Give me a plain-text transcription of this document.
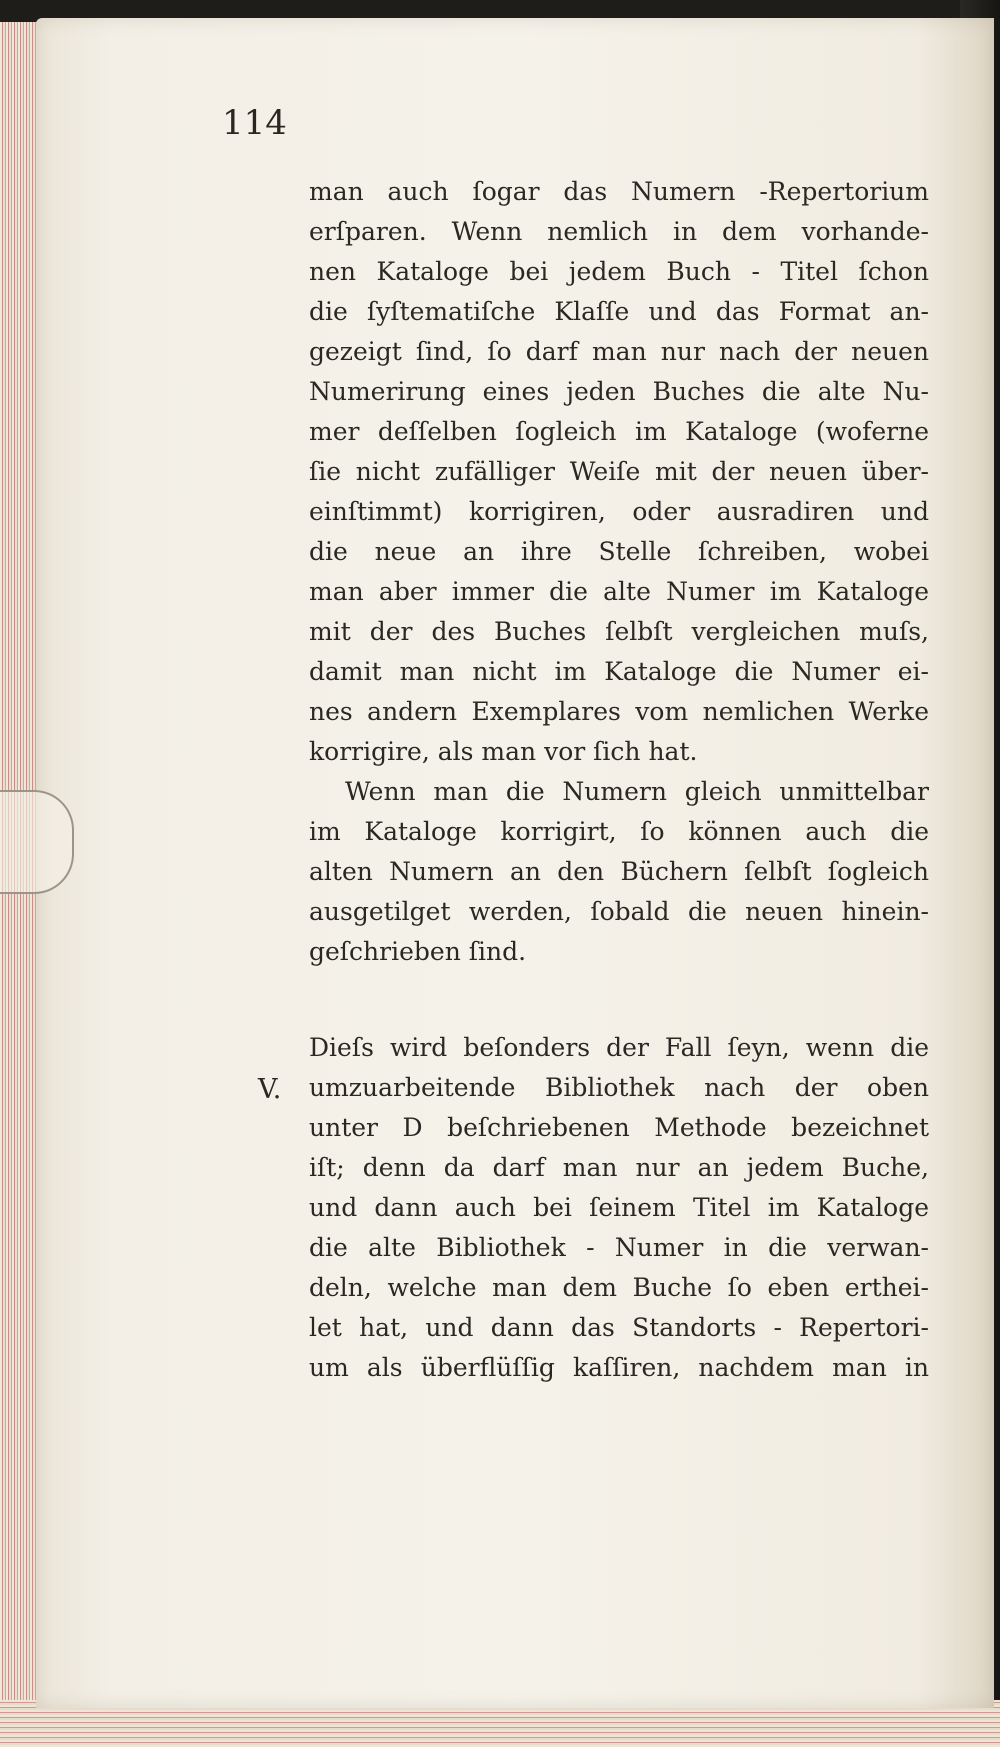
114

V.

man auch ſogar das Numern -Repertorium
erſparen. Wenn nemlich in dem vorhande-
nen Kataloge bei jedem Buch - Titel ſchon
die ſyſtematiſche Klaſſe und das Format an-
gezeigt ſind, ſo darf man nur nach der neuen
Numerirung eines jeden Buches die alte Nu-
mer deſſelben ſogleich im Kataloge (woferne
ſie nicht zufälliger Weiſe mit der neuen über-
einſtimmt) korrigiren, oder ausradiren und
die neue an ihre Stelle ſchreiben, wobei
man aber immer die alte Numer im Kataloge
mit der des Buches ſelbſt vergleichen muſs,
damit man nicht im Kataloge die Numer ei-
nes andern Exemplares vom nemlichen Werke
korrigire, als man vor ſich hat.
Wenn man die Numern gleich unmittelbar
im Kataloge korrigirt, ſo können auch die
alten Numern an den Büchern ſelbſt ſogleich
ausgetilget werden, ſobald die neuen hinein-
geſchrieben ſind.
Dieſs wird beſonders der Fall ſeyn, wenn die
umzuarbeitende Bibliothek nach der oben
unter D beſchriebenen Methode bezeichnet
iſt; denn da darf man nur an jedem Buche,
und dann auch bei ſeinem Titel im Kataloge
die alte Bibliothek - Numer in die verwan-
deln, welche man dem Buche ſo eben erthei-
let hat, und dann das Standorts - Repertori-
um als überflüſſig kaſſiren, nachdem man in
